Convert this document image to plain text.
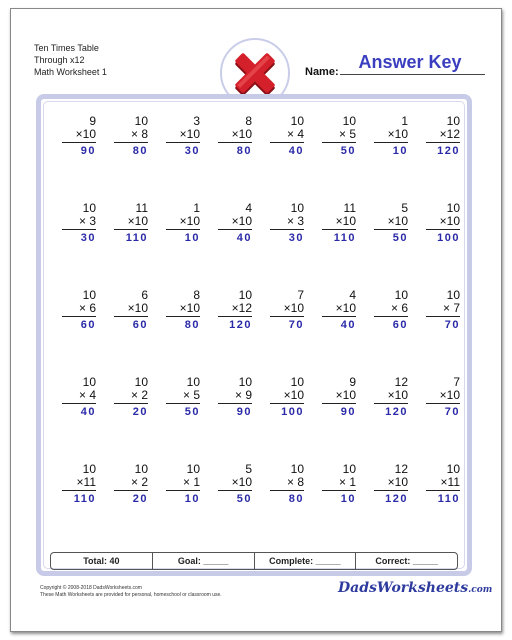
Ten Times Table
Through x12
Math Worksheet 1	Name:	Answer Key
9
×10
90
10
× 8
80
3
×10
30
8
×10
80
10
× 4
40
10
× 5
50
1
×10
10
10
×12
120
10
× 3
30
11
×10
110
1
×10
10
4
×10
40
10
× 3
30
11
×10
110
5
×10
50
10
×10
100
10
× 6
60
6
×10
60
8
×10
80
10
×12
120
7
×10
70
4
×10
40
10
× 6
60
10
× 7
70
10
× 4
40
10
× 2
20
10
× 5
50
10
× 9
90
10
×10
100
9
×10
90
12
×10
120
7
×10
70
10
×11
110
10
× 2
20
10
× 1
10
5
×10
50
10
× 8
80
10
× 1
10
12
×10
120
10
×11
110
Total: 40	Goal: _____	Complete: _____	Correct: _____
Copyright © 2008-2018 DadsWorksheets.com
These Math Worksheets are provided for personal, homeschool or classroom use.	DadsWorksheets.com
